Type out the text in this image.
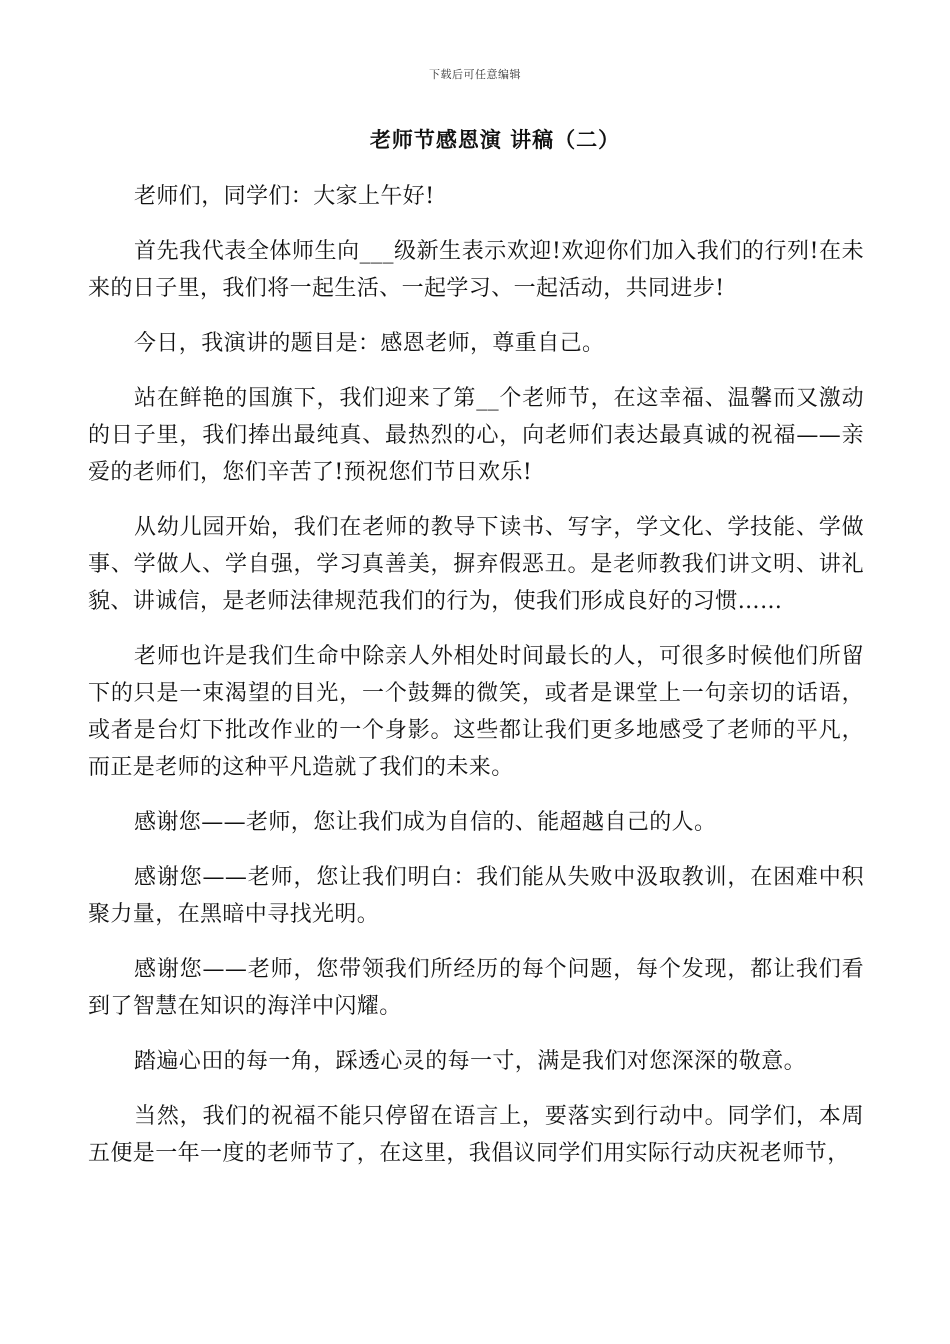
下载后可任意编辑
老师节感恩演 讲稿（二）

老师们，同学们：大家上午好!

首先我代表全体师生向___级新生表示欢迎!欢迎你们加入我们的行列!在未来的日子里，我们将一起生活、一起学习、一起活动，共同进步!

今日，我演讲的题目是：感恩老师，尊重自己。

站在鲜艳的国旗下，我们迎来了第__个老师节，在这幸福、温馨而又激动的日子里，我们捧出最纯真、最热烈的心，向老师们表达最真诚的祝福——亲爱的老师们，您们辛苦了!预祝您们节日欢乐!

从幼儿园开始，我们在老师的教导下读书、写字，学文化、学技能、学做事、学做人、学自强，学习真善美，摒弃假恶丑。是老师教我们讲文明、讲礼貌、讲诚信，是老师法律规范我们的行为，使我们形成良好的习惯……

老师也许是我们生命中除亲人外相处时间最长的人，可很多时候他们所留下的只是一束渴望的目光，一个鼓舞的微笑，或者是课堂上一句亲切的话语，或者是台灯下批改作业的一个身影。这些都让我们更多地感受了老师的平凡，而正是老师的这种平凡造就了我们的未来。

感谢您——老师，您让我们成为自信的、能超越自己的人。

感谢您——老师，您让我们明白：我们能从失败中汲取教训，在困难中积聚力量，在黑暗中寻找光明。

感谢您——老师，您带领我们所经历的每个问题，每个发现，都让我们看到了智慧在知识的海洋中闪耀。

踏遍心田的每一角，踩透心灵的每一寸，满是我们对您深深的敬意。

当然，我们的祝福不能只停留在语言上，要落实到行动中。同学们，本周五便是一年一度的老师节了，在这里，我倡议同学们用实际行动庆祝老师节，
